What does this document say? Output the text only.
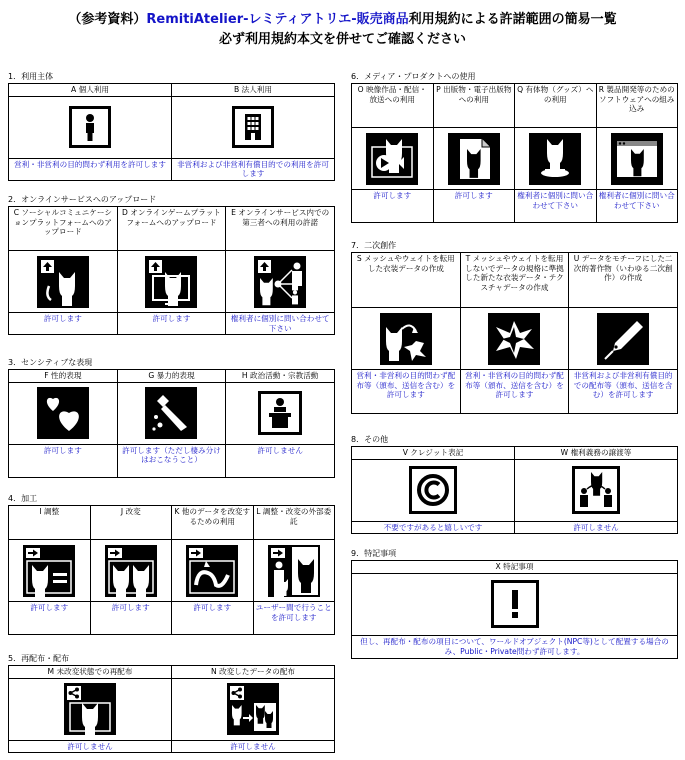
（参考資料）RemitiAtelier-レミティアトリエ-販売商品利用規約による許諾範囲の簡易一覧
必ず利用規約本文を併せてご確認ください
1．利用主体
A 個人利用	B 法人利用

営利・非営利の目的問わず利用を許可します	非営利および非営利有償目的での利用を許可します
2．オンラインサービスへのアップロード
C ソーシャルコミュニケーションプラットフォームへのアップロード	D オンラインゲームプラットフォームへのアップロード	E オンラインサービス内での第三者への利用の許諾

許可します	許可します	権利者に個別に問い合わせて下さい
3．センシティブな表現
F 性的表現	G 暴力的表現	H 政治活動・宗教活動

許可します	許可します（ただし棲み分けはおこなうこと）	許可しません
4．加工
I 調整	J 改変	K 他のデータを改変するための利用	L 調整・改変の外部委託

許可します	許可します	許可します	ユーザー間で行うことを許可します
5．再配布・配布
M 未改変状態での再配布	N 改変したデータの配布

許可しません	許可しません
6．メディア・プロダクトへの使用
O 映像作品・配信・放送への利用	P 出版物・電子出版物への利用	Q 有体物（グッズ）への利用	R 製品開発等のためのソフトウェアへの組み込み

許可します	許可します	権利者に個別に問い合わせて下さい	権利者に個別に問い合わせて下さい
7．二次創作
S メッシュやウェイトを転用した衣装データの作成	T メッシュやウェイトを転用しないでデータの規格に準拠した新たな衣装データ・テクスチャデータの作成	U データをモチーフにした二次的著作物（いわゆる二次創作）の作成

営利・非営利の目的問わず配布等（頒布、送信を含む）を許可します	営利・非営利の目的問わず配布等（頒布、送信を含む）を許可します	非営利および非営利有償目的での配布等（頒布、送信を含む）を許可します
8．その他
V クレジット表記	W 権利義務の譲渡等

不要ですがあると嬉しいです	許可しません
9．特記事項
X 特記事項

但し、再配布・配布の項目について、ワールドオブジェクト(NPC等)として配置する場合のみ、Public・Private問わず許可します。
